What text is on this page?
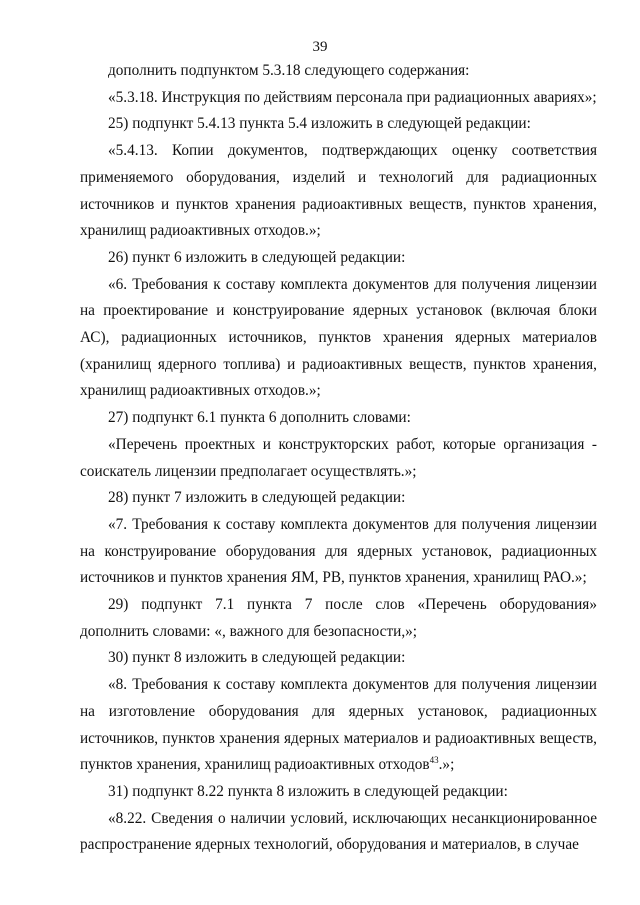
39

дополнить подпунктом 5.3.18 следующего содержания:

«5.3.18. Инструкция по действиям персонала при радиационных авариях»;

25) подпункт 5.4.13 пункта 5.4 изложить в следующей редакции:

«5.4.13. Копии документов, подтверждающих оценку соответствия применяемого оборудования, изделий и технологий для радиационных источников и пунктов хранения радиоактивных веществ, пунктов хранения, хранилищ радиоактивных отходов.»;

26) пункт 6 изложить в следующей редакции:

«6. Требования к составу комплекта документов для получения лицензии на проектирование и конструирование ядерных установок (включая блоки АС), радиационных источников, пунктов хранения ядерных материалов (хранилищ ядерного топлива) и радиоактивных веществ, пунктов хранения, хранилищ радиоактивных отходов.»;

27) подпункт 6.1 пункта 6 дополнить словами:

«Перечень проектных и конструкторских работ, которые организация - соискатель лицензии предполагает осуществлять.»;

28) пункт 7 изложить в следующей редакции:

«7. Требования к составу комплекта документов для получения лицензии на конструирование оборудования для ядерных установок, радиационных источников и пунктов хранения ЯМ, РВ, пунктов хранения, хранилищ РАО.»;

29) подпункт 7.1 пункта 7 после слов «Перечень оборудования» дополнить словами: «, важного для безопасности,»;

30) пункт 8 изложить в следующей редакции:

«8. Требования к составу комплекта документов для получения лицензии на изготовление оборудования для ядерных установок, радиационных источников, пунктов хранения ядерных материалов и радиоактивных веществ, пунктов хранения, хранилищ радиоактивных отходов$^{43}$.»;

31) подпункт 8.22 пункта 8 изложить в следующей редакции:

«8.22. Сведения о наличии условий, исключающих несанкционированное распространение ядерных технологий, оборудования и материалов, в случае
